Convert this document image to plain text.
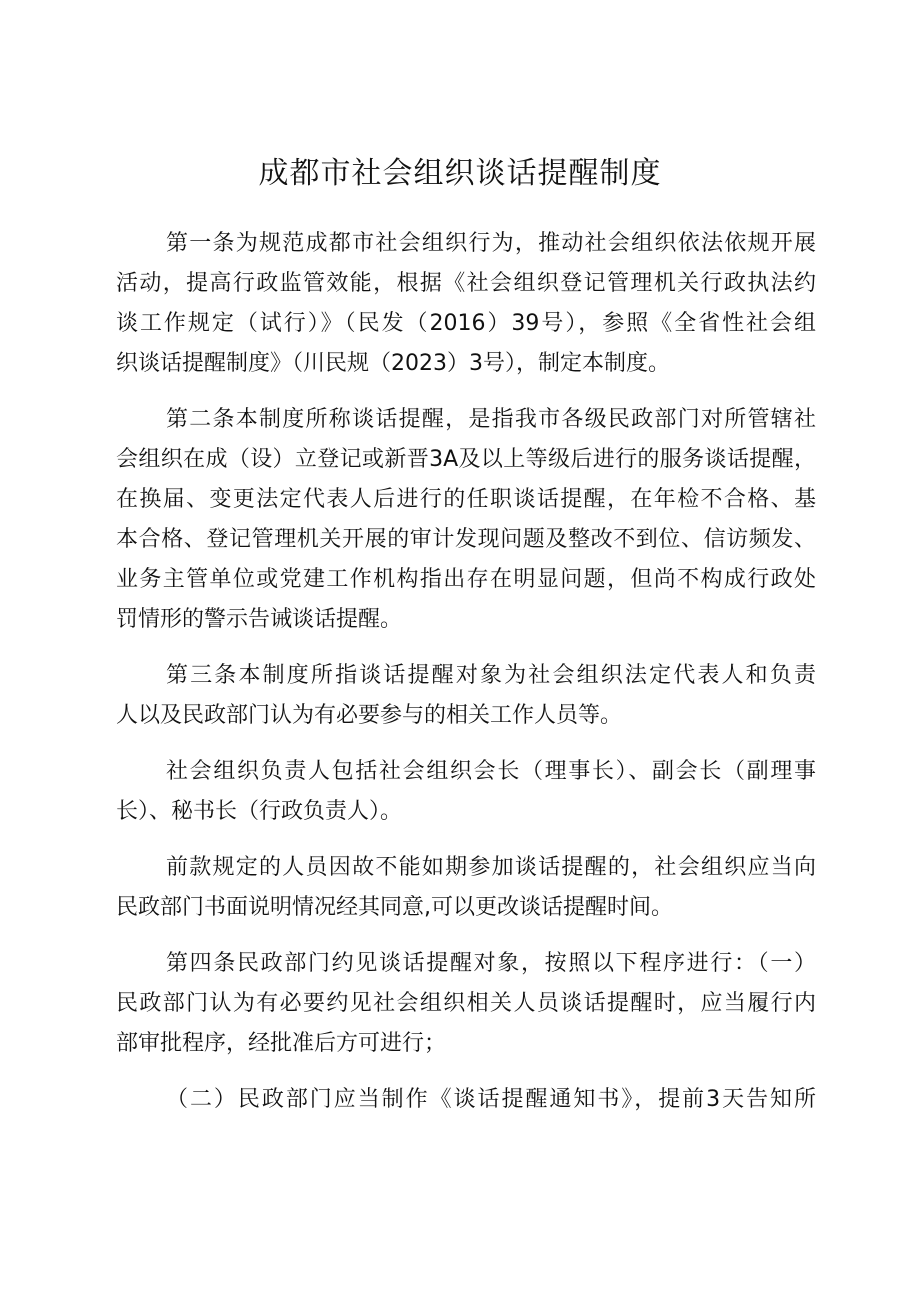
成都市社会组织谈话提醒制度
第一条为规范成都市社会组织行为，推动社会组织依法依规开展
活动，提高行政监管效能，根据《社会组织登记管理机关行政执法约
谈工作规定（试行）》（民发（2016）39号），参照《全省性社会组
织谈话提醒制度》（川民规（2023）3号），制定本制度。
第二条本制度所称谈话提醒，是指我市各级民政部门对所管辖社
会组织在成（设）立登记或新晋3A及以上等级后进行的服务谈话提醒，
在换届、变更法定代表人后进行的任职谈话提醒，在年检不合格、基
本合格、登记管理机关开展的审计发现问题及整改不到位、信访频发、
业务主管单位或党建工作机构指出存在明显问题，但尚不构成行政处
罚情形的警示告诫谈话提醒。
第三条本制度所指谈话提醒对象为社会组织法定代表人和负责
人以及民政部门认为有必要参与的相关工作人员等。
社会组织负责人包括社会组织会长（理事长）、副会长（副理事
长）、秘书长（行政负责人）。
前款规定的人员因故不能如期参加谈话提醒的，社会组织应当向
民政部门书面说明情况经其同意,可以更改谈话提醒时间。
第四条民政部门约见谈话提醒对象，按照以下程序进行：（一）
民政部门认为有必要约见社会组织相关人员谈话提醒时，应当履行内
部审批程序，经批准后方可进行；
（二）民政部门应当制作《谈话提醒通知书》，提前3天告知所
